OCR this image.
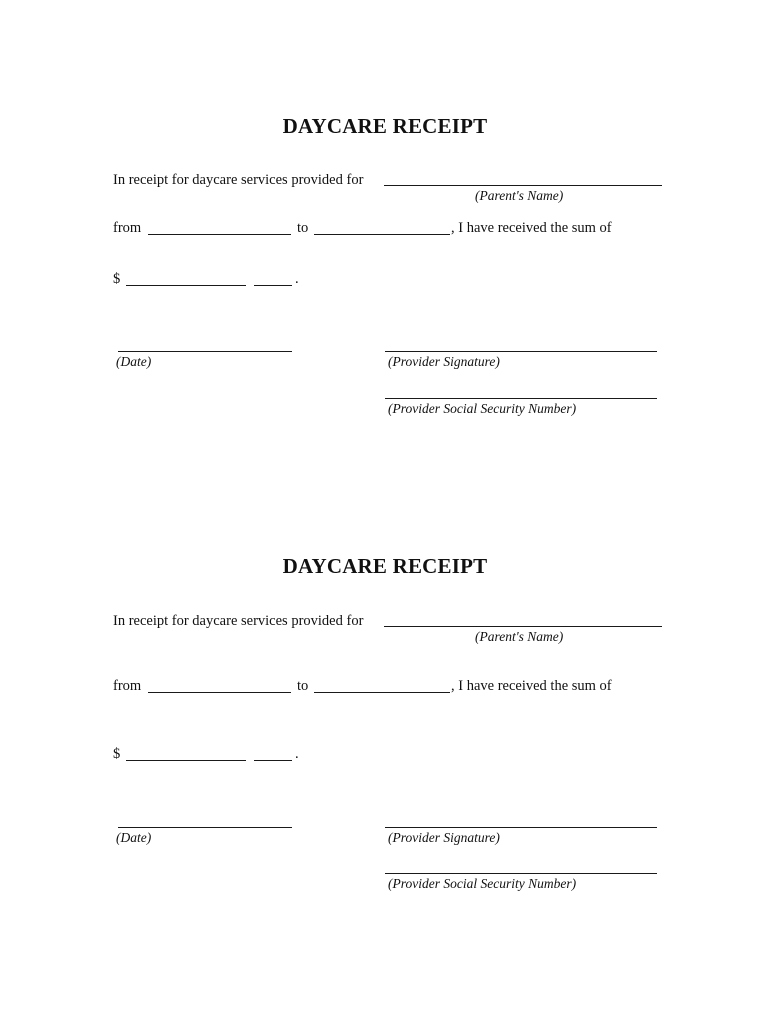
DAYCARE RECEIPT
In receipt for daycare services provided for
(Parent's Name)
from	to	, I have received the sum of
$	.
(Date)	(Provider Signature)
(Provider Social Security Number)
DAYCARE RECEIPT
In receipt for daycare services provided for
(Parent's Name)
from	to	, I have received the sum of
$	.
(Date)	(Provider Signature)
(Provider Social Security Number)
